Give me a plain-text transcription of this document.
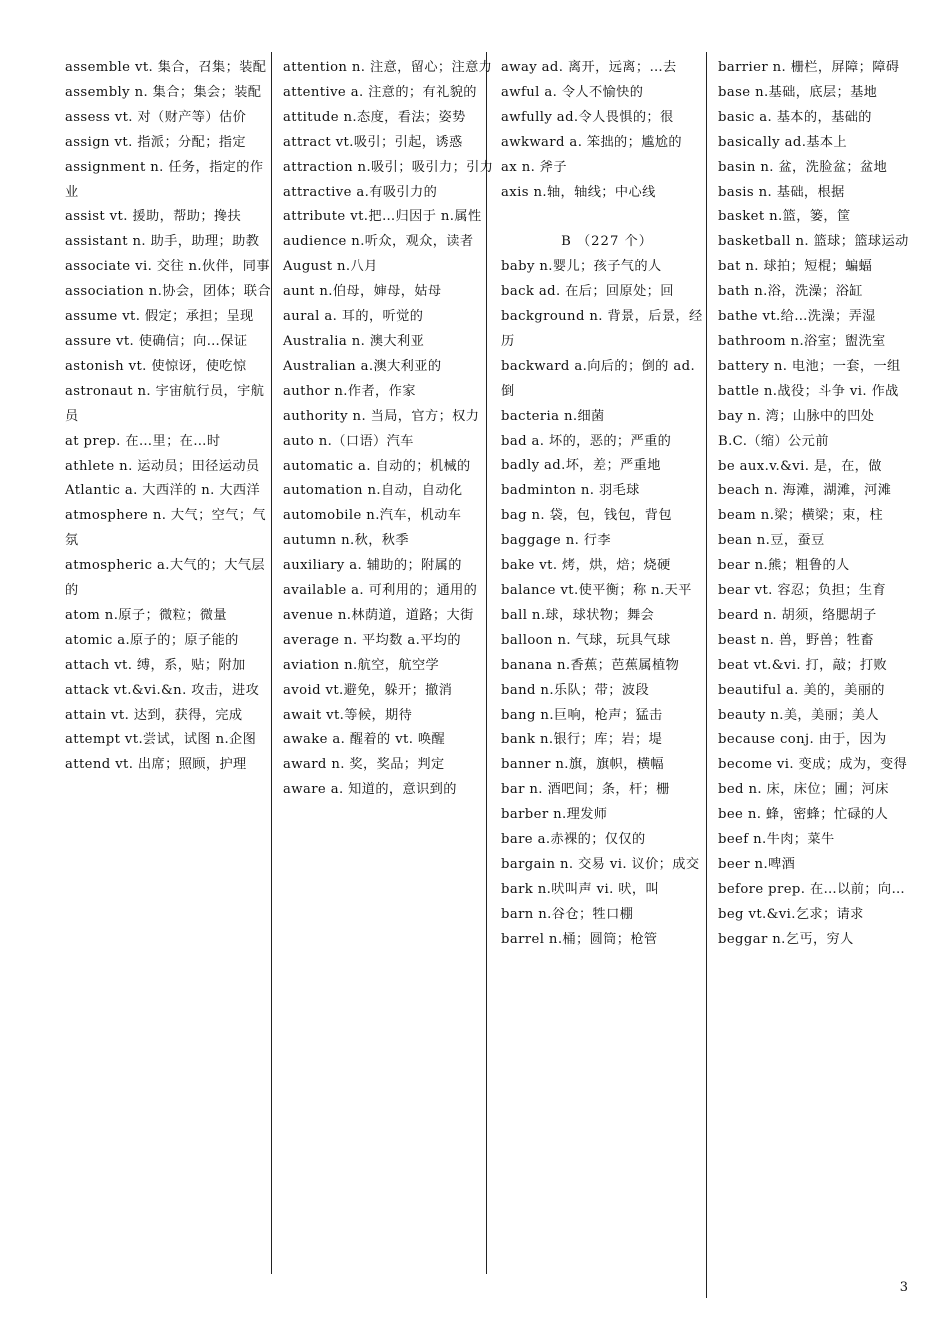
assemble vt. 集合，召集；装配

assembly n. 集合；集会；装配

assess vt. 对（财产等）估价

assign vt. 指派；分配；指定

assignment n. 任务，指定的作业

assist vt. 援助，帮助；搀扶

assistant n. 助手，助理；助教

associate vi. 交往 n.伙伴，同事

association n.协会，团体；联合

assume vt. 假定；承担；呈现

assure vt. 使确信；向…保证

astonish vt. 使惊讶，使吃惊

astronaut n. 宇宙航行员，宇航员

at prep. 在…里；在…时

athlete n. 运动员；田径运动员

Atlantic a. 大西洋的 n. 大西洋

atmosphere n. 大气；空气；气氛

atmospheric a.大气的；大气层的

atom n.原子；微粒；微量

atomic a.原子的；原子能的

attach vt. 缚，系，贴；附加

attack vt.&vi.&n. 攻击，进攻

attain vt. 达到，获得，完成

attempt vt.尝试，试图 n.企图

attend vt. 出席；照顾，护理

attention n. 注意，留心；注意力

attentive a. 注意的；有礼貌的

attitude n.态度，看法；姿势

attract vt.吸引；引起，诱惑

attraction n.吸引；吸引力；引力

attractive a.有吸引力的

attribute vt.把…归因于 n.属性

audience n.听众，观众，读者

August n.八月

aunt n.伯母，婶母，姑母

aural a. 耳的，听觉的

Australia n. 澳大利亚

Australian a.澳大利亚的

author n.作者，作家

authority n. 当局，官方；权力

auto n.（口语）汽车

automatic a. 自动的；机械的

automation n.自动，自动化

automobile n.汽车，机动车

autumn n.秋，秋季

auxiliary a. 辅助的；附属的

available a. 可利用的；通用的

avenue n.林荫道，道路；大街

average n. 平均数 a.平均的

aviation n.航空，航空学

avoid vt.避免，躲开；撤消

await vt.等候，期待

awake a. 醒着的 vt. 唤醒

award n. 奖，奖品；判定

aware a. 知道的，意识到的

away ad. 离开，远离；…去

awful a. 令人不愉快的

awfully ad.令人畏惧的；很

awkward a. 笨拙的；尴尬的

ax n. 斧子

axis n.轴，轴线；中心线

B （227 个）

baby n.婴儿；孩子气的人

back ad. 在后；回原处；回

background n. 背景，后景，经历

backward a.向后的；倒的 ad. 倒

bacteria n.细菌

bad a. 坏的，恶的；严重的

badly ad.坏，差；严重地

badminton n. 羽毛球

bag n. 袋，包，钱包，背包

baggage n. 行李

bake vt. 烤，烘，焙；烧硬

balance vt.使平衡；称 n.天平

ball n.球，球状物；舞会

balloon n. 气球，玩具气球

banana n.香蕉；芭蕉属植物

band n.乐队；带；波段

bang n.巨响，枪声；猛击

bank n.银行；库；岩；堤

banner n.旗，旗帜，横幅

bar n. 酒吧间；条，杆；栅

barber n.理发师

bare a.赤裸的；仅仅的

bargain n. 交易 vi. 议价；成交

bark n.吠叫声 vi. 吠，叫

barn n.谷仓；牲口棚

barrel n.桶；圆筒；枪管

barrier n. 栅栏，屏障；障碍

base n.基础，底层；基地

basic a. 基本的，基础的

basically ad.基本上

basin n. 盆，洗脸盆；盆地

basis n. 基础，根据

basket n.篮，篓，筐

basketball n. 篮球；篮球运动

bat n. 球拍；短棍；蝙蝠

bath n.浴，洗澡；浴缸

bathe vt.给…洗澡；弄湿

bathroom n.浴室；盥洗室

battery n. 电池；一套，一组

battle n.战役；斗争 vi. 作战

bay n. 湾；山脉中的凹处

B.C.（缩）公元前

be aux.v.&vi. 是，在，做

beach n. 海滩，湖滩，河滩

beam n.梁；横梁；束，柱

bean n.豆，蚕豆

bear n.熊；粗鲁的人

bear vt. 容忍；负担；生育

beard n. 胡须，络腮胡子

beast n. 兽，野兽；牲畜

beat vt.&vi. 打，敲；打败

beautiful a. 美的，美丽的

beauty n.美，美丽；美人

because conj. 由于，因为

become vi. 变成；成为，变得

bed n. 床，床位；圃；河床

bee n. 蜂，密蜂；忙碌的人

beef n.牛肉；菜牛

beer n.啤酒

before prep. 在…以前；向…

beg vt.&vi.乞求；请求

beggar n.乞丐，穷人

3
